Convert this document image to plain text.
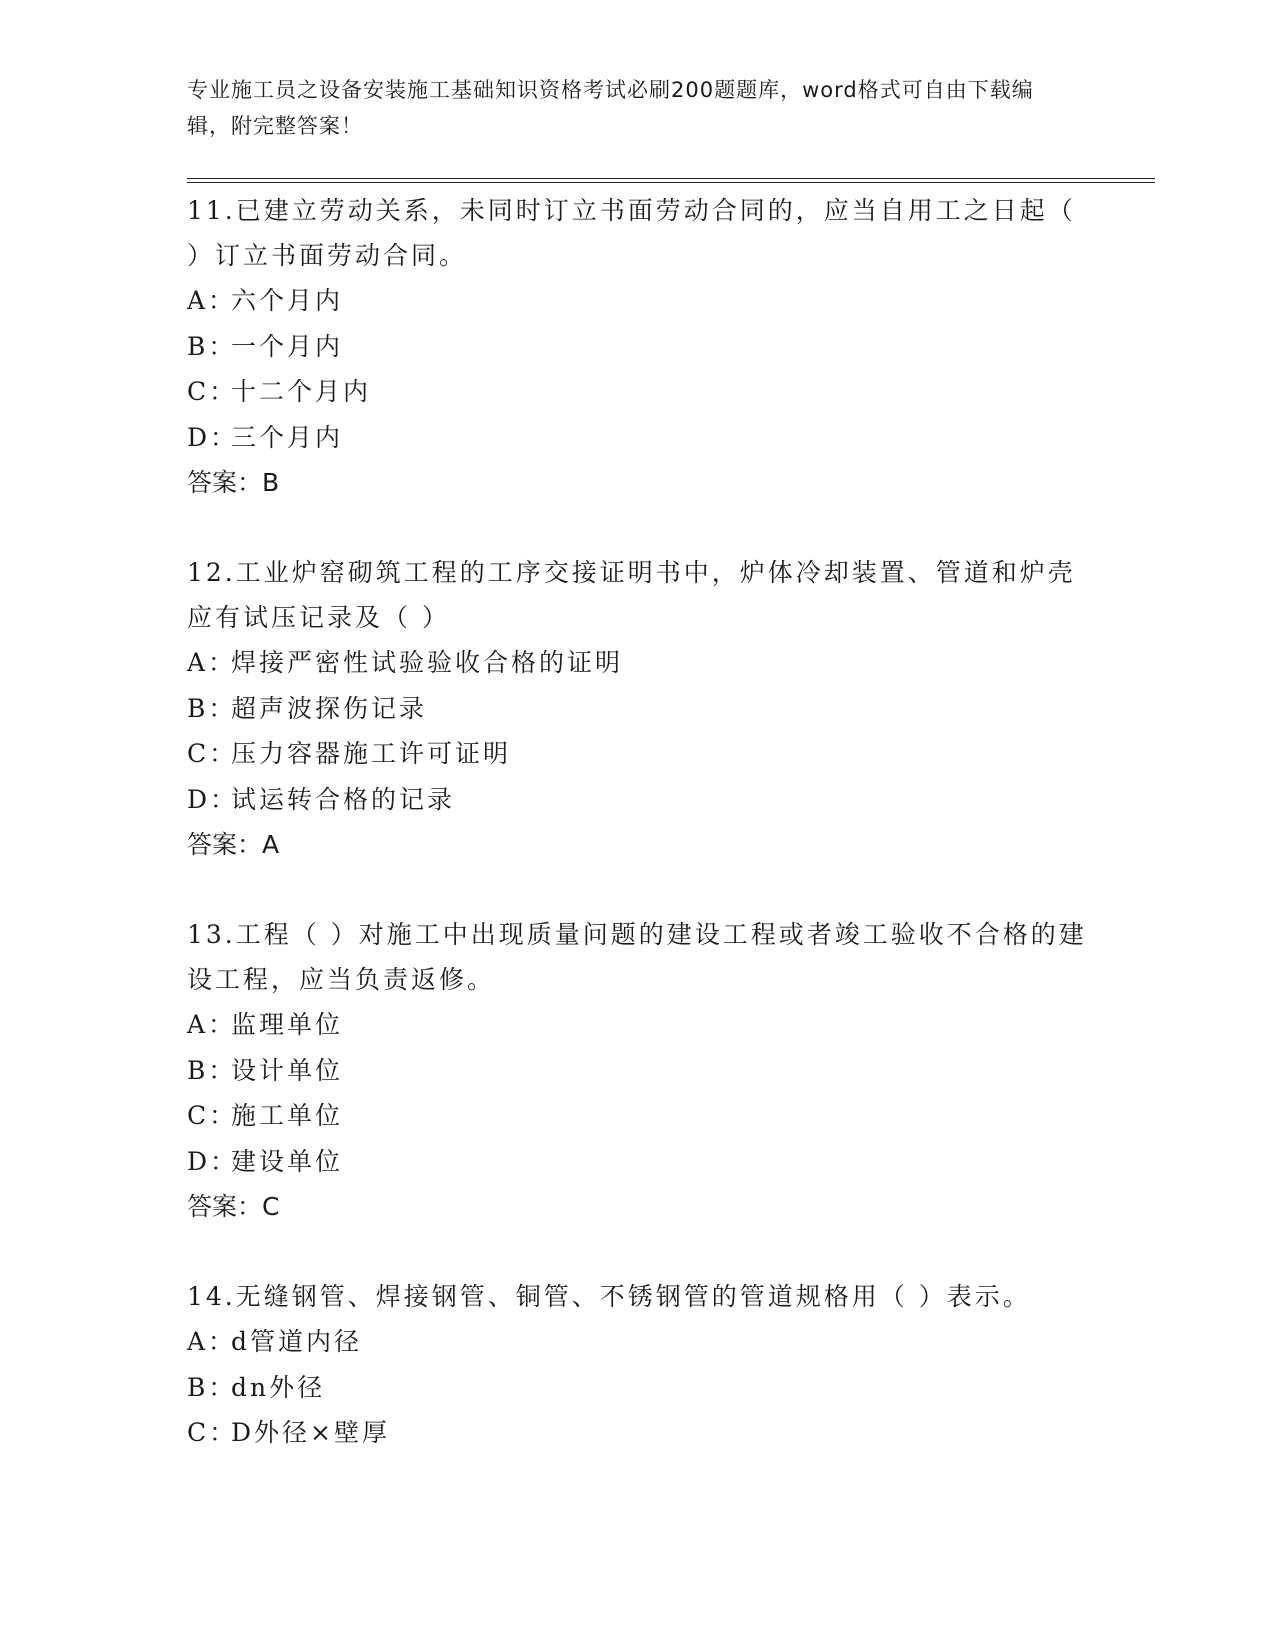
专业施工员之设备安装施工基础知识资格考试必刷200题题库，word格式可自由下载编辑，附完整答案！

11.已建立劳动关系，未同时订立书面劳动合同的，应当自用工之日起（ ）订立书面劳动合同。

A：六个月内

B：一个月内

C：十二个月内

D：三个月内

答案：B

12.工业炉窑砌筑工程的工序交接证明书中，炉体冷却装置、管道和炉壳应有试压记录及（ ）

A：焊接严密性试验验收合格的证明

B：超声波探伤记录

C：压力容器施工许可证明

D：试运转合格的记录

答案：A

13.工程（ ）对施工中出现质量问题的建设工程或者竣工验收不合格的建设工程，应当负责返修。

A：监理单位

B：设计单位

C：施工单位

D：建设单位

答案：C

14.无缝钢管、焊接钢管、铜管、不锈钢管的管道规格用（ ）表示。

A：d管道内径

B：dn外径

C：D外径×壁厚
